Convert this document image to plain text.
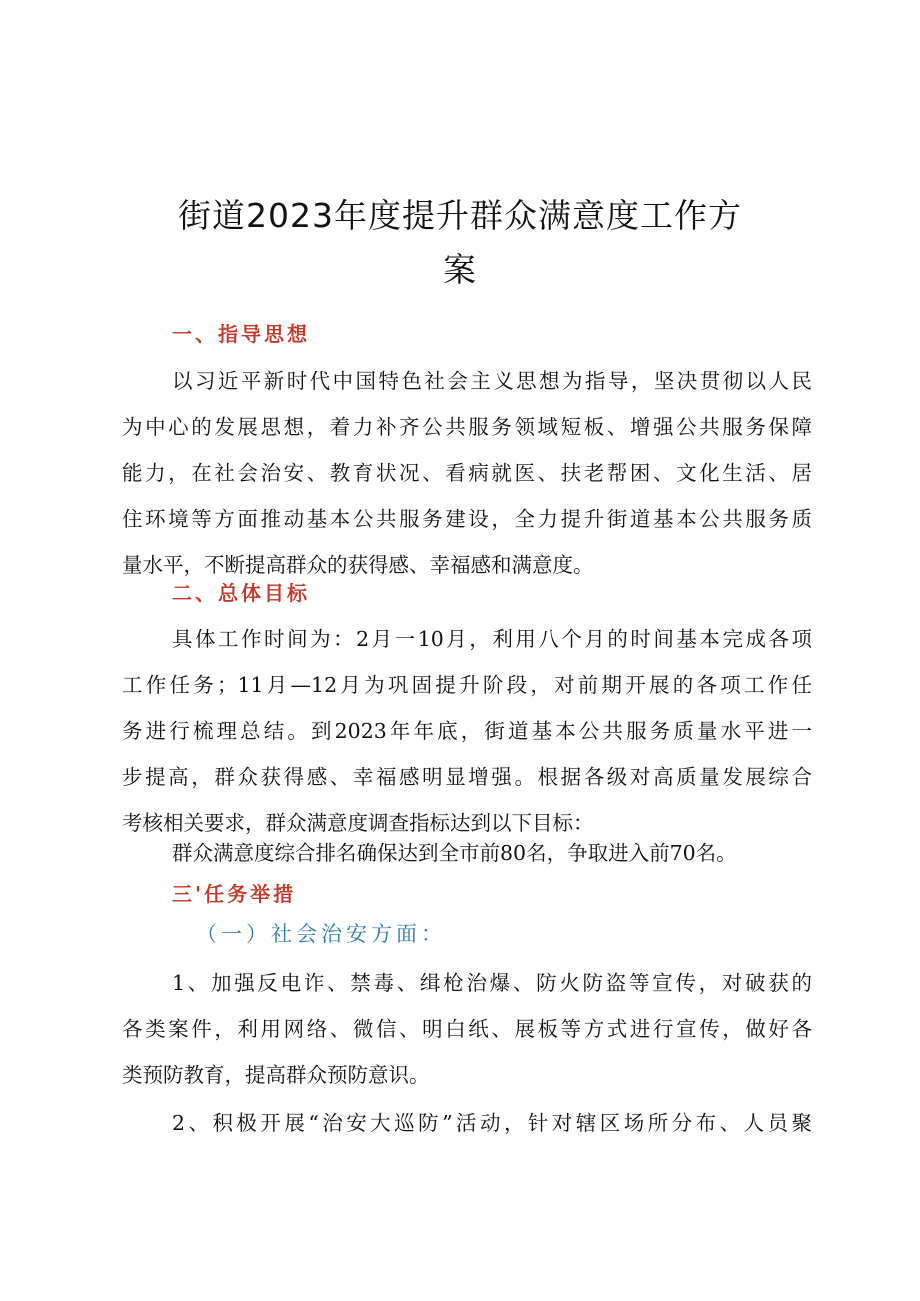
街道2023年度提升群众满意度工作方
案
一、指导思想
以习近平新时代中国特色社会主义思想为指导，坚决贯彻以人民
为中心的发展思想，着力补齐公共服务领域短板、增强公共服务保障
能力，在社会治安、教育状况、看病就医、扶老帮困、文化生活、居
住环境等方面推动基本公共服务建设，全力提升街道基本公共服务质
量水平，不断提高群众的获得感、幸福感和满意度。
二、总体目标
具体工作时间为：2月一10月，利用八个月的时间基本完成各项
工作任务；11月—12月为巩固提升阶段，对前期开展的各项工作任
务进行梳理总结。到2023年年底，街道基本公共服务质量水平进一
步提高，群众获得感、幸福感明显增强。根据各级对高质量发展综合
考核相关要求，群众满意度调查指标达到以下目标：
群众满意度综合排名确保达到全市前80名，争取进入前70名。
三'任务举措
（一）社会治安方面：
1、加强反电诈、禁毒、缉枪治爆、防火防盗等宣传，对破获的
各类案件，利用网络、微信、明白纸、展板等方式进行宣传，做好各
类预防教育，提高群众预防意识。
2、积极开展“治安大巡防”活动，针对辖区场所分布、人员聚
